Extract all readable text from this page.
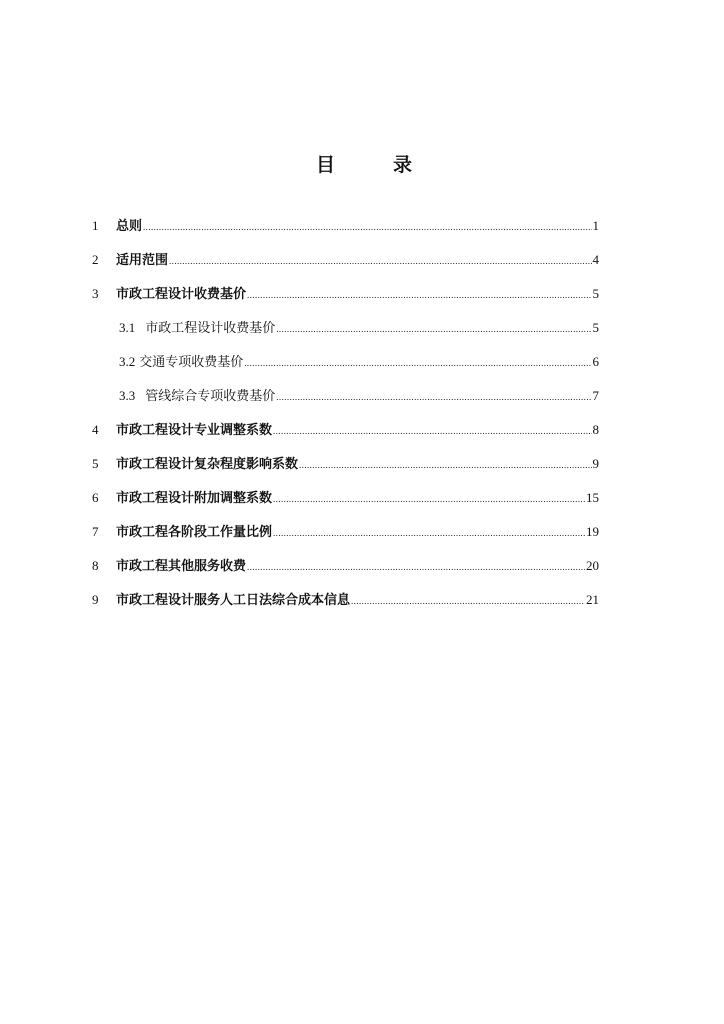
目	录
1	总则 .....	1
2	适用范围 .....	4
3	市政工程设计收费基价 .....	5
3.1 市政工程设计收费基价 .....	5
3.2 交通专项收费基价 .....	6
3.3 管线综合专项收费基价 .....	7
4	市政工程设计专业调整系数 .....	8
5	市政工程设计复杂程度影响系数 .....	9
6	市政工程设计附加调整系数 .....	15
7	市政工程各阶段工作量比例 .....	19
8	市政工程其他服务收费 .....	20
9	市政工程设计服务人工日法综合成本信息 .....	21
